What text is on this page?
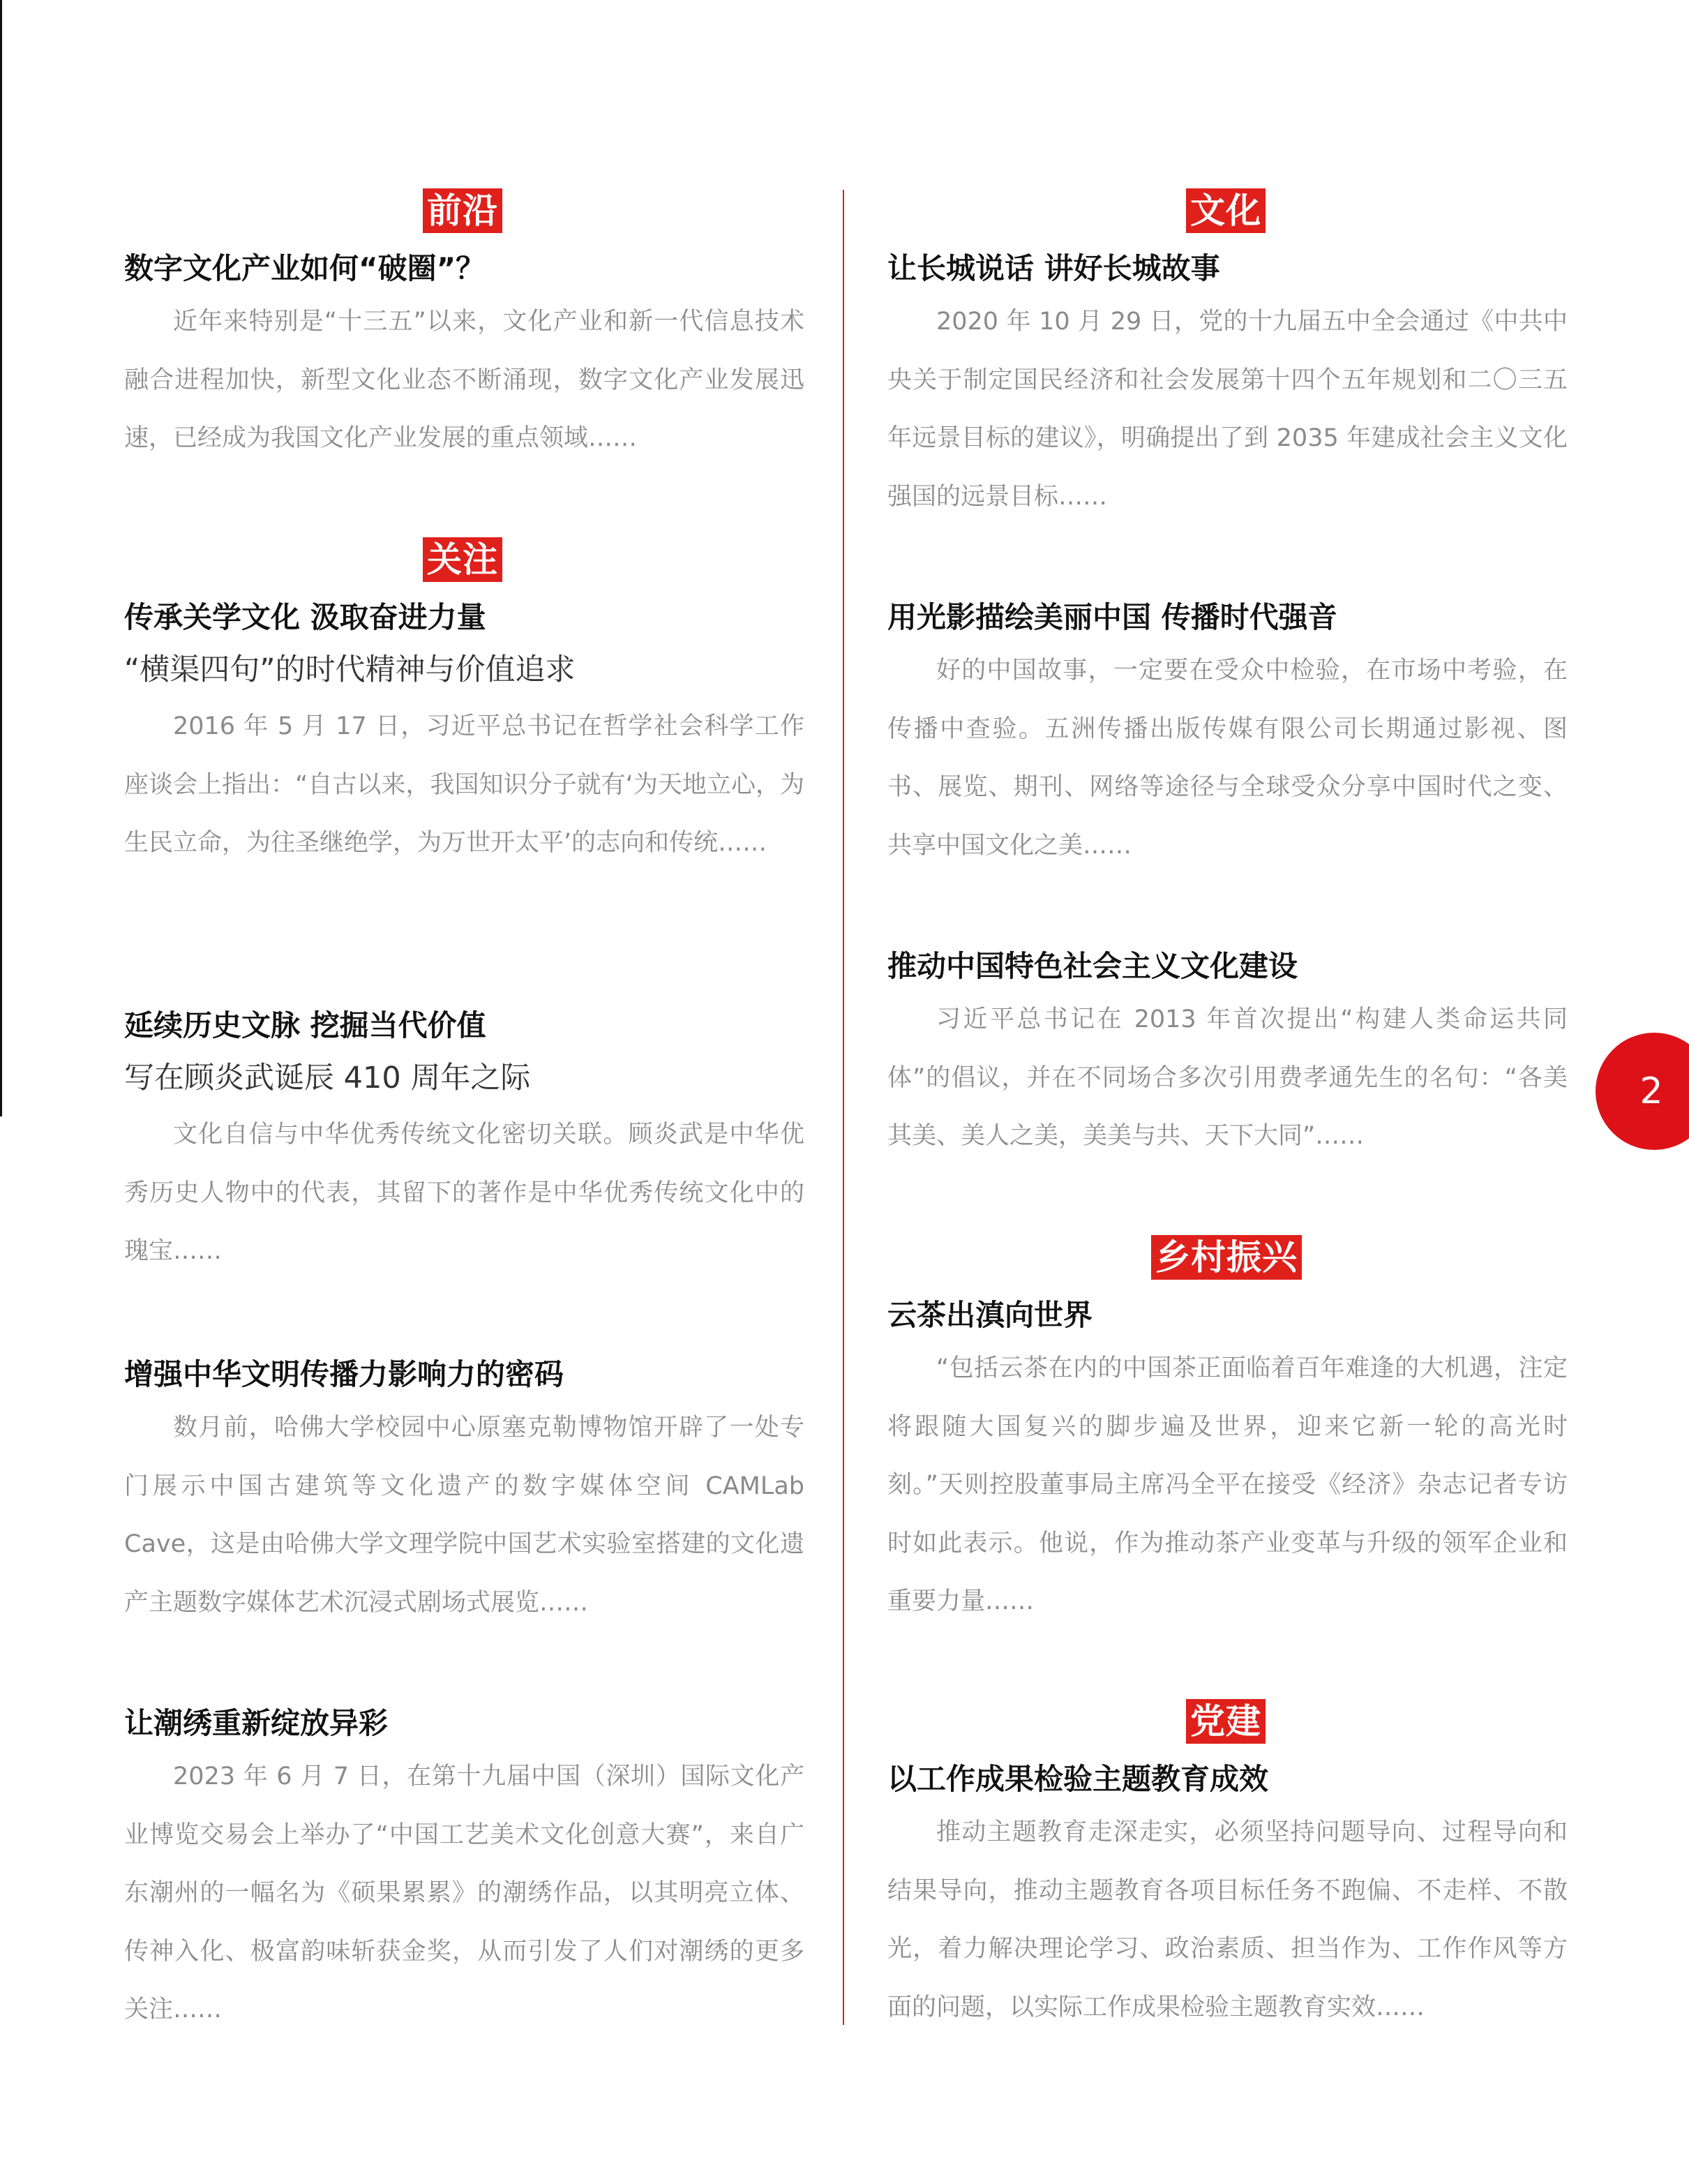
前沿
数字文化产业如何“破圈”？

近年来特别是“十三五”以来，文化产业和新一代信息技术融合进程加快，新型文化业态不断涌现，数字文化产业发展迅速，已经成为我国文化产业发展的重点领域……

关注
传承关学文化 汲取奋进力量

“横渠四句”的时代精神与价值追求

2016 年 5 月 17 日，习近平总书记在哲学社会科学工作座谈会上指出：“自古以来，我国知识分子就有‘为天地立心，为生民立命，为往圣继绝学，为万世开太平’的志向和传统……

延续历史文脉 挖掘当代价值

写在顾炎武诞辰 410 周年之际

文化自信与中华优秀传统文化密切关联。顾炎武是中华优秀历史人物中的代表，其留下的著作是中华优秀传统文化中的瑰宝……

增强中华文明传播力影响力的密码

数月前，哈佛大学校园中心原塞克勒博物馆开辟了一处专门展示中国古建筑等文化遗产的数字媒体空间 CAMLab Cave，这是由哈佛大学文理学院中国艺术实验室搭建的文化遗产主题数字媒体艺术沉浸式剧场式展览……

让潮绣重新绽放异彩

2023 年 6 月 7 日，在第十九届中国（深圳）国际文化产业博览交易会上举办了“中国工艺美术文化创意大赛”，来自广东潮州的一幅名为《硕果累累》的潮绣作品，以其明亮立体、传神入化、极富韵味斩获金奖，从而引发了人们对潮绣的更多关注……

文化
让长城说话 讲好长城故事

2020 年 10 月 29 日，党的十九届五中全会通过《中共中央关于制定国民经济和社会发展第十四个五年规划和二〇三五年远景目标的建议》，明确提出了到 2035 年建成社会主义文化强国的远景目标……

用光影描绘美丽中国 传播时代强音

好的中国故事，一定要在受众中检验，在市场中考验，在传播中查验。五洲传播出版传媒有限公司长期通过影视、图书、展览、期刊、网络等途径与全球受众分享中国时代之变、共享中国文化之美……

推动中国特色社会主义文化建设

习近平总书记在 2013 年首次提出“构建人类命运共同体”的倡议，并在不同场合多次引用费孝通先生的名句：“各美其美、美人之美，美美与共、天下大同”……

乡村振兴
云茶出滇向世界

“包括云茶在内的中国茶正面临着百年难逢的大机遇，注定将跟随大国复兴的脚步遍及世界，迎来它新一轮的高光时刻。”天则控股董事局主席冯全平在接受《经济》杂志记者专访时如此表示。他说，作为推动茶产业变革与升级的领军企业和重要力量……

党建
以工作成果检验主题教育成效

推动主题教育走深走实，必须坚持问题导向、过程导向和结果导向，推动主题教育各项目标任务不跑偏、不走样、不散光，着力解决理论学习、政治素质、担当作为、工作作风等方面的问题，以实际工作成果检验主题教育实效……

2
